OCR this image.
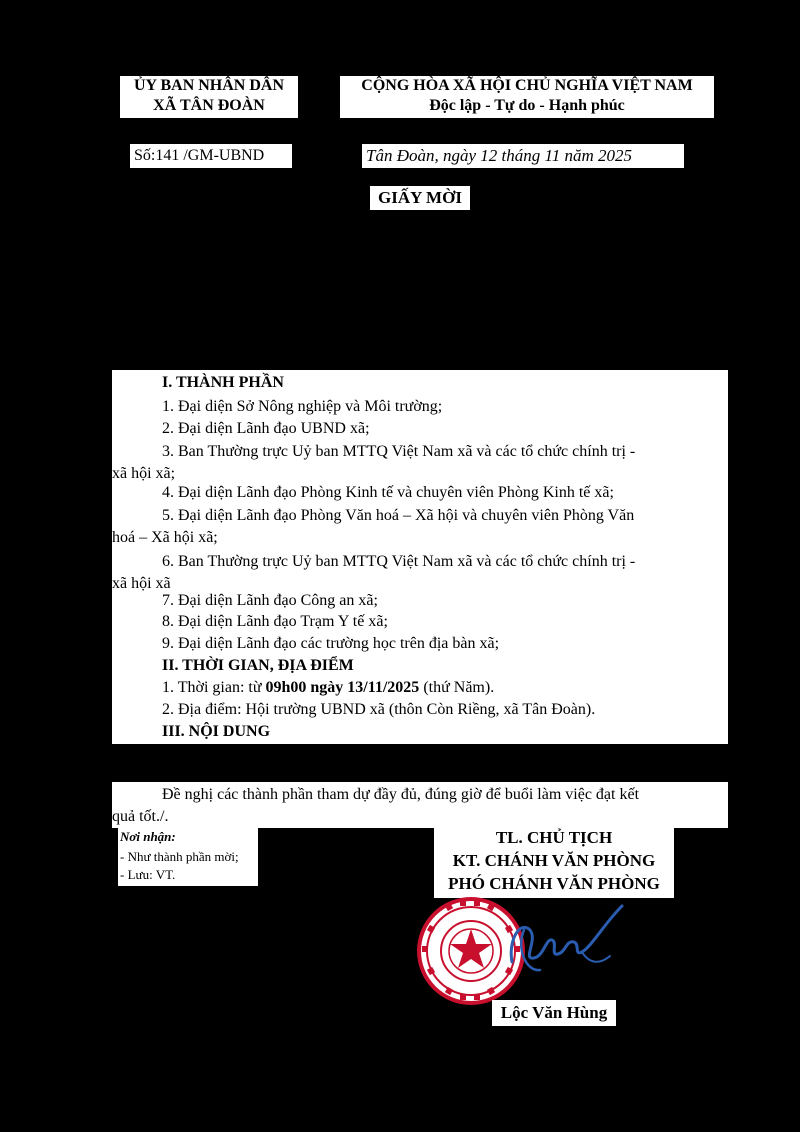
ỦY BAN NHÂN DÂN
XÃ TÂN ĐOÀN
CỘNG HÒA XÃ HỘI CHỦ NGHĨA VIỆT NAM
Độc lập - Tự do - Hạnh phúc
Số:141 /GM-UBND	Tân Đoàn, ngày 12 tháng 11 năm 2025
GIẤY MỜI
I. THÀNH PHẦN
1. Đại diện Sở Nông nghiệp và Môi trường;
2. Đại diện Lãnh đạo UBND xã;
3. Ban Thường trực Uỷ ban MTTQ Việt Nam xã và các tổ chức chính trị -
xã hội xã;
4. Đại diện Lãnh đạo Phòng Kinh tế và chuyên viên Phòng Kinh tế xã;
5. Đại diện Lãnh đạo Phòng Văn hoá – Xã hội và chuyên viên Phòng Văn
hoá – Xã hội xã;
6. Ban Thường trực Uỷ ban MTTQ Việt Nam xã và các tổ chức chính trị -
xã hội xã
7. Đại diện Lãnh đạo Công an xã;
8. Đại diện Lãnh đạo Trạm Y tế xã;
9. Đại diện Lãnh đạo các trường học trên địa bàn xã;
II. THỜI GIAN, ĐỊA ĐIỂM
1. Thời gian: từ 09h00 ngày 13/11/2025 (thứ Năm).
2. Địa điểm: Hội trường UBND xã (thôn Còn Riềng, xã Tân Đoàn).
III. NỘI DUNG
Đề nghị các thành phần tham dự đầy đủ, đúng giờ để buổi làm việc đạt kết
quả tốt./.
Nơi nhận:
- Như thành phần mời;
- Lưu: VT.
TL. CHỦ TỊCH
KT. CHÁNH VĂN PHÒNG
PHÓ CHÁNH VĂN PHÒNG
Lộc Văn Hùng
